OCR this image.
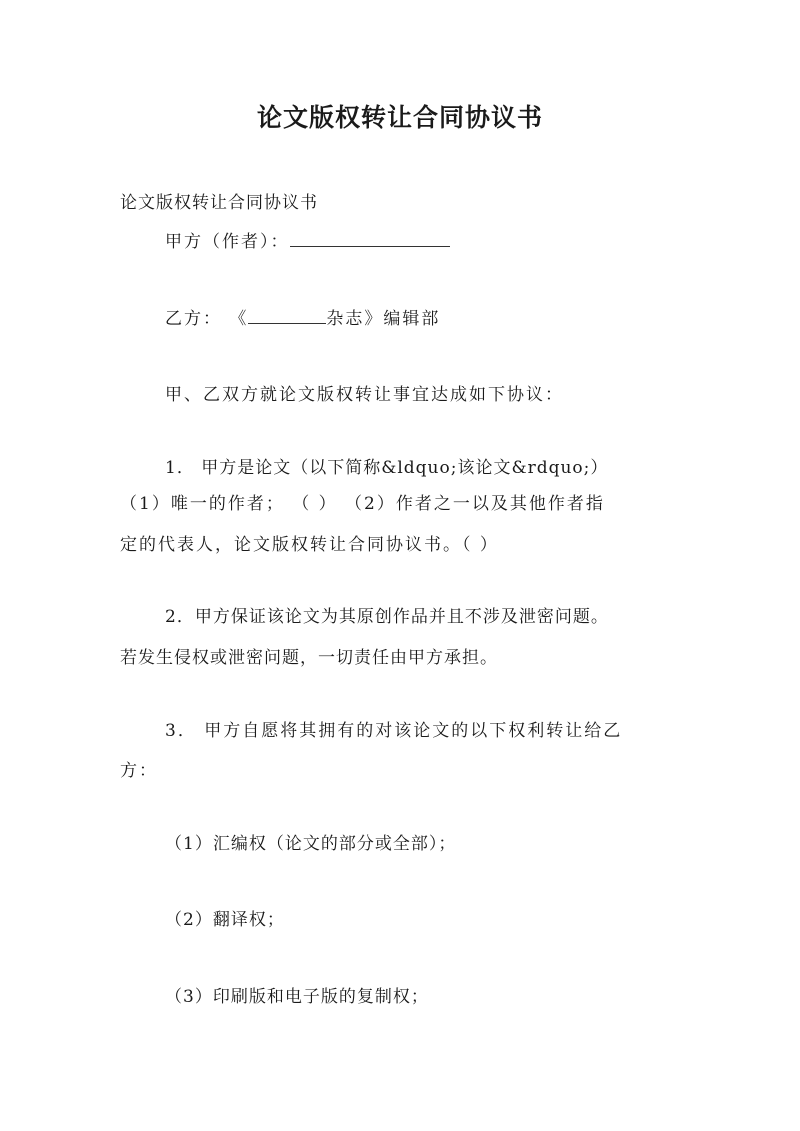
论文版权转让合同协议书
论文版权转让合同协议书
甲方（作者）：
乙方： 《	杂志》编辑部
甲、乙双方就论文版权转让事宜达成如下协议：
1． 甲方是论文（以下简称&ldquo;该论文&rdquo;）
（1）唯一的作者； （ ） （2）作者之一以及其他作者指
定的代表人，论文版权转让合同协议书。（ ）
2．甲方保证该论文为其原创作品并且不涉及泄密问题。
若发生侵权或泄密问题，一切责任由甲方承担。
3． 甲方自愿将其拥有的对该论文的以下权利转让给乙
方：
（1）汇编权（论文的部分或全部）；
（2）翻译权；
（3）印刷版和电子版的复制权；
